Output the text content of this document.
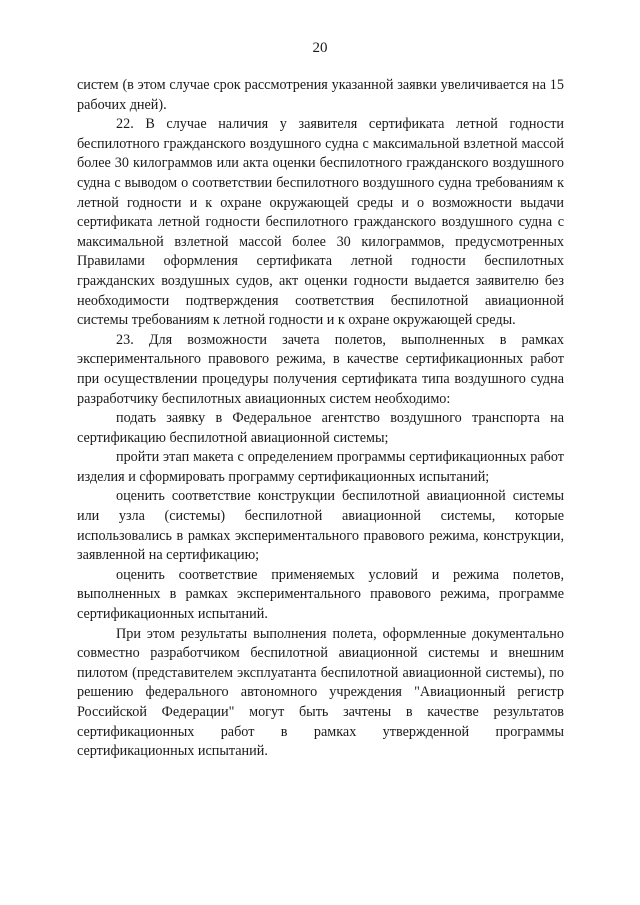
20

систем (в этом случае срок рассмотрения указанной заявки увеличивается на 15 рабочих дней).

22. В случае наличия у заявителя сертификата летной годности беспилотного гражданского воздушного судна с максимальной взлетной массой более 30 килограммов или акта оценки беспилотного гражданского воздушного судна с выводом о соответствии беспилотного воздушного судна требованиям к летной годности и к охране окружающей среды и о возможности выдачи сертификата летной годности беспилотного гражданского воздушного судна с максимальной взлетной массой более 30 килограммов, предусмотренных Правилами оформления сертификата летной годности беспилотных гражданских воздушных судов, акт оценки годности выдается заявителю без необходимости подтверждения соответствия беспилотной авиационной системы требованиям к летной годности и к охране окружающей среды.

23. Для возможности зачета полетов, выполненных в рамках экспериментального правового режима, в качестве сертификационных работ при осуществлении процедуры получения сертификата типа воздушного судна разработчику беспилотных авиационных систем необходимо:

подать заявку в Федеральное агентство воздушного транспорта на сертификацию беспилотной авиационной системы;

пройти этап макета с определением программы сертификационных работ изделия и сформировать программу сертификационных испытаний;

оценить соответствие конструкции беспилотной авиационной системы или узла (системы) беспилотной авиационной системы, которые использовались в рамках экспериментального правового режима, конструкции, заявленной на сертификацию;

оценить соответствие применяемых условий и режима полетов, выполненных в рамках экспериментального правового режима, программе сертификационных испытаний.

При этом результаты выполнения полета, оформленные документально совместно разработчиком беспилотной авиационной системы и внешним пилотом (представителем эксплуатанта беспилотной авиационной системы), по решению федерального автономного учреждения "Авиационный регистр Российской Федерации" могут быть зачтены в качестве результатов сертификационных работ в рамках утвержденной программы сертификационных испытаний.
